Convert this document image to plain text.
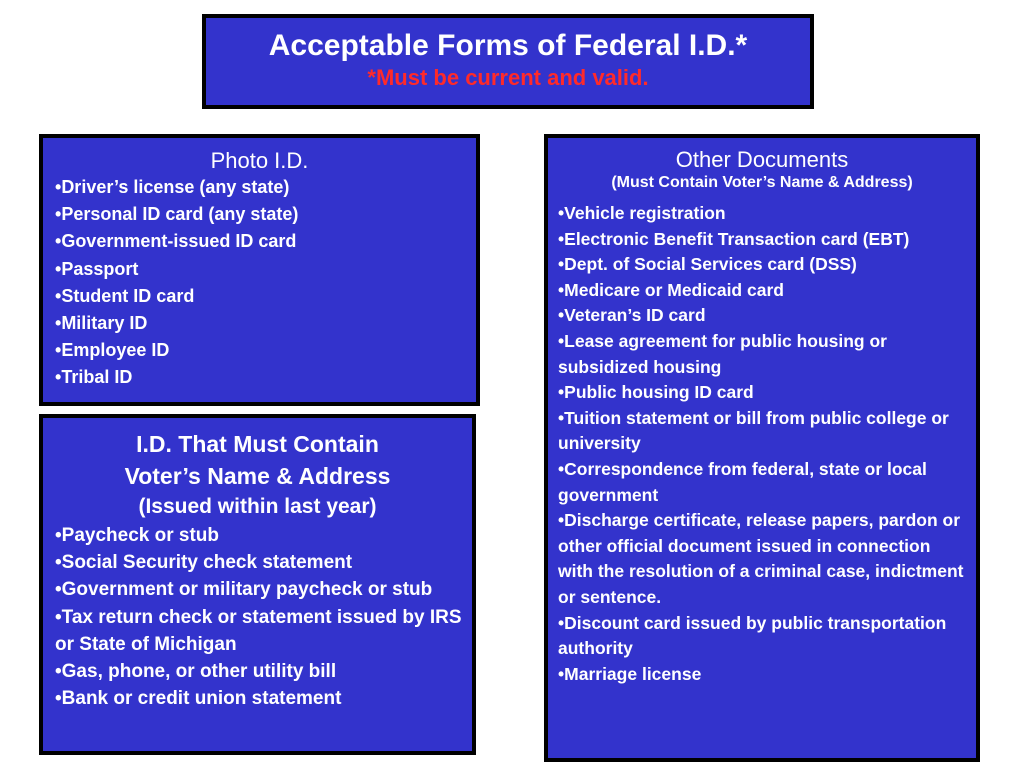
Acceptable Forms of Federal I.D.*
*Must be current and valid.
Photo I.D.
• Driver’s license (any state)
• Personal ID card (any state)
• Government-issued ID card
• Passport
• Student ID card
• Military ID
• Employee ID
• Tribal ID
I.D. That Must Contain
Voter’s Name & Address
(Issued within last year)
• Paycheck or stub
• Social Security check statement
• Government or military paycheck or stub
• Tax return check or statement issued by IRS or State of Michigan
• Gas, phone, or other utility bill
• Bank or credit union statement
Other Documents
(Must Contain Voter’s Name & Address)
• Vehicle registration
• Electronic Benefit Transaction card (EBT)
• Dept. of Social Services card (DSS)
• Medicare or Medicaid card
• Veteran’s ID card
• Lease agreement for public housing or subsidized housing
• Public housing ID card
• Tuition statement or bill from public college or university
• Correspondence from federal, state or local government
• Discharge certificate, release papers, pardon or other official document issued in connection with the resolution of a criminal case, indictment or sentence.
• Discount card issued by public transportation authority
• Marriage license
